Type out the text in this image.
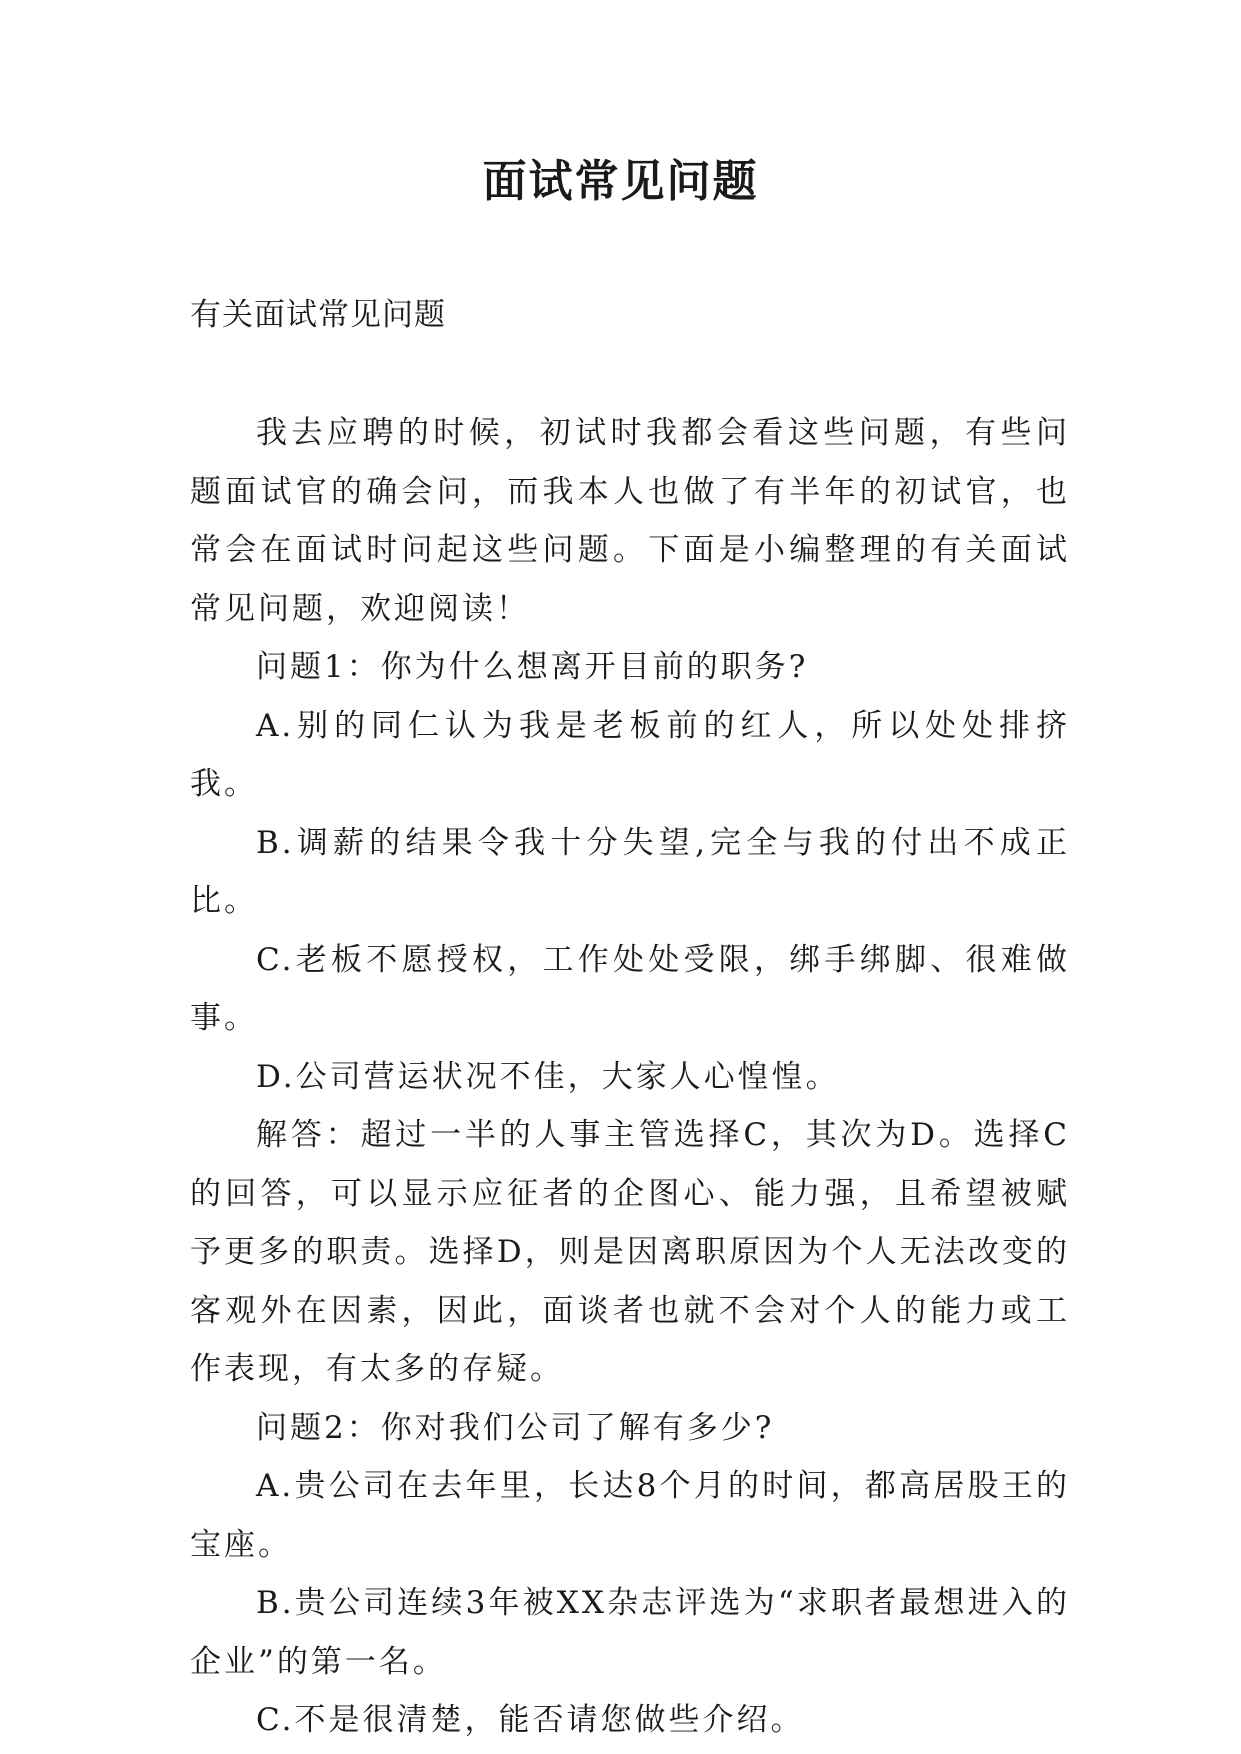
面试常见问题
有关面试常见问题

我去应聘的时候，初试时我都会看这些问题，有些问题面试官的确会问，而我本人也做了有半年的初试官，也常会在面试时问起这些问题。下面是小编整理的有关面试常见问题，欢迎阅读！

问题1：你为什么想离开目前的职务?

A.别的同仁认为我是老板前的红人，所以处处排挤我。

B.调薪的结果令我十分失望,完全与我的付出不成正比。

C.老板不愿授权，工作处处受限，绑手绑脚、很难做事。

D.公司营运状况不佳，大家人心惶惶。

解答：超过一半的人事主管选择C，其次为D。选择C的回答，可以显示应征者的企图心、能力强，且希望被赋予更多的职责。选择D，则是因离职原因为个人无法改变的客观外在因素，因此，面谈者也就不会对个人的能力或工作表现，有太多的存疑。

问题2：你对我们公司了解有多少?

A.贵公司在去年里，长达8个月的时间，都高居股王的宝座。

B.贵公司连续3年被XX杂志评选为“求职者最想进入的企业”的第一名。

C.不是很清楚，能否请您做些介绍。
